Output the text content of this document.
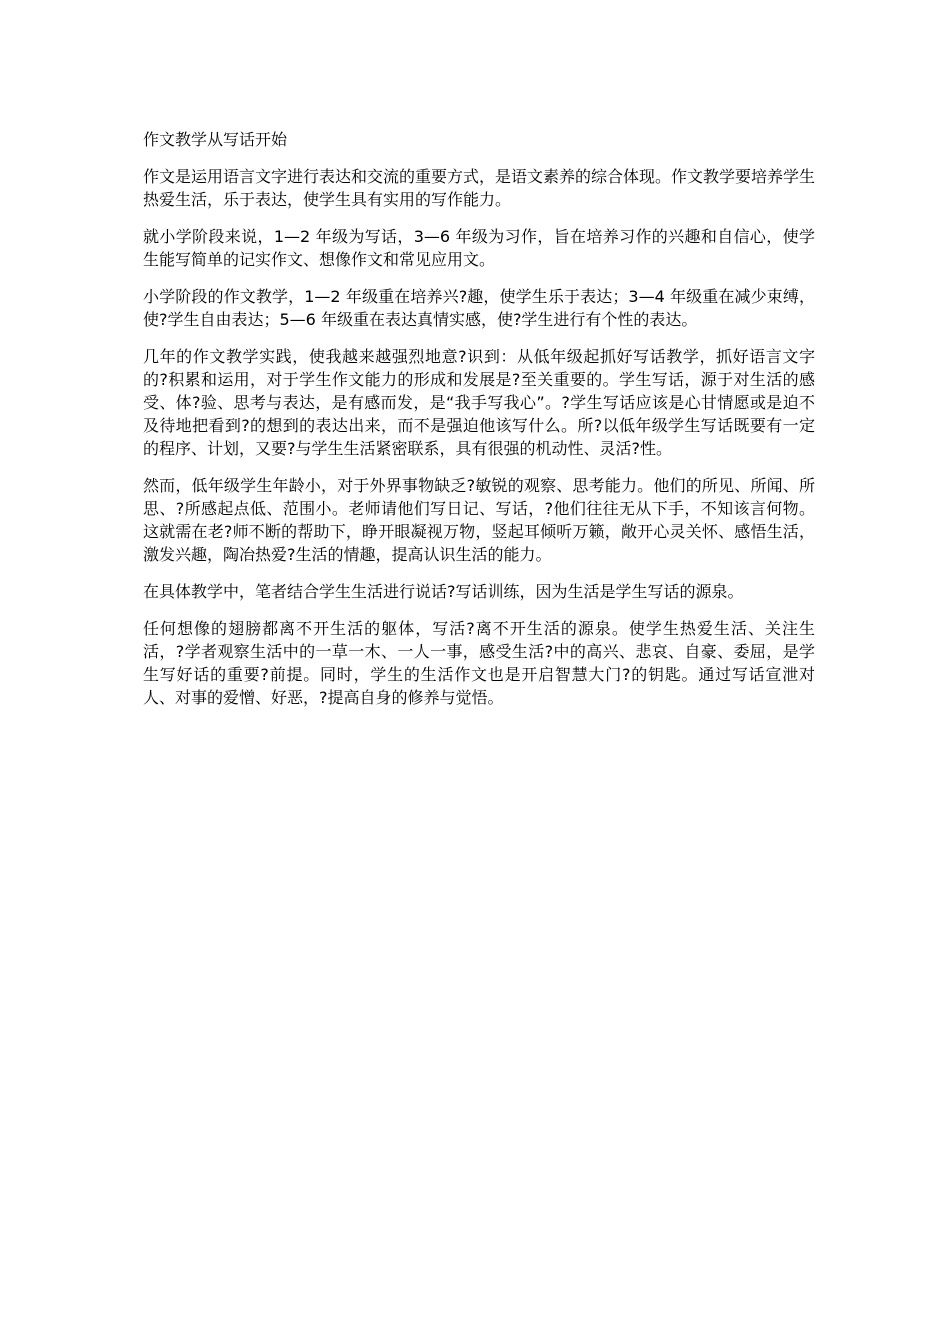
作文教学从写话开始

作文是运用语言文字进行表达和交流的重要方式，是语文素养的综合体现。作文教学要培养学生热爱生活，乐于表达，使学生具有实用的写作能力。

就小学阶段来说，1—2 年级为写话，3—6 年级为习作，旨在培养习作的兴趣和自信心，使学生能写简单的记实作文、想像作文和常见应用文。

小学阶段的作文教学，1—2 年级重在培养兴?趣，使学生乐于表达；3—4 年级重在减少束缚，使?学生自由表达；5—6 年级重在表达真情实感，使?学生进行有个性的表达。

几年的作文教学实践，使我越来越强烈地意?识到：从低年级起抓好写话教学，抓好语言文字的?积累和运用，对于学生作文能力的形成和发展是?至关重要的。学生写话，源于对生活的感受、体?验、思考与表达，是有感而发，是“我手写我心”。?学生写话应该是心甘情愿或是迫不及待地把看到?的想到的表达出来，而不是强迫他该写什么。所?以低年级学生写话既要有一定的程序、计划，又要?与学生生活紧密联系，具有很强的机动性、灵活?性。

然而，低年级学生年龄小，对于外界事物缺乏?敏锐的观察、思考能力。他们的所见、所闻、所思、?所感起点低、范围小。老师请他们写日记、写话，?他们往往无从下手，不知该言何物。这就需在老?师不断的帮助下，睁开眼凝视万物，竖起耳倾听万籁，敞开心灵关怀、感悟生活，激发兴趣，陶冶热爱?生活的情趣，提高认识生活的能力。

在具体教学中，笔者结合学生生活进行说话?写话训练，因为生活是学生写话的源泉。

任何想像的翅膀都离不开生活的躯体，写活?离不开生活的源泉。使学生热爱生活、关注生活，?学者观察生活中的一草一木、一人一事，感受生活?中的高兴、悲哀、自豪、委屈，是学生写好话的重要?前提。同时，学生的生活作文也是开启智慧大门?的钥匙。通过写话宣泄对人、对事的爱憎、好恶，?提高自身的修养与觉悟。
